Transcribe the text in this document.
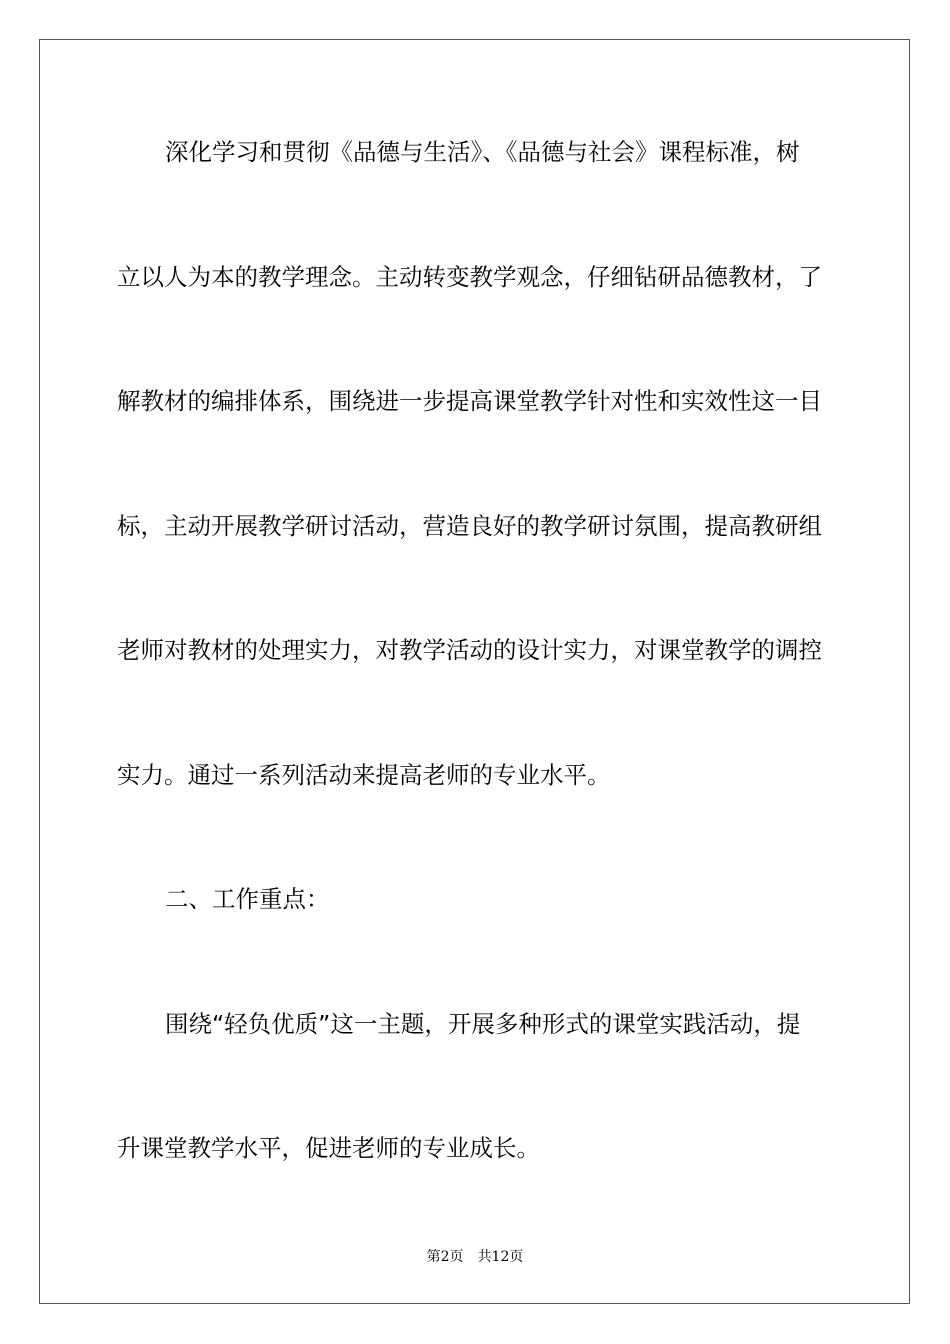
深化学习和贯彻《品德与生活》、《品德与社会》课程标准，树
立以人为本的教学理念。主动转变教学观念，仔细钻研品德教材，了
解教材的编排体系，围绕进一步提高课堂教学针对性和实效性这一目
标，主动开展教学研讨活动，营造良好的教学研讨氛围，提高教研组
老师对教材的处理实力，对教学活动的设计实力，对课堂教学的调控
实力。通过一系列活动来提高老师的专业水平。
二、工作重点：
围绕“轻负优质”这一主题，开展多种形式的课堂实践活动，提
升课堂教学水平，促进老师的专业成长。
第2页 共12页
